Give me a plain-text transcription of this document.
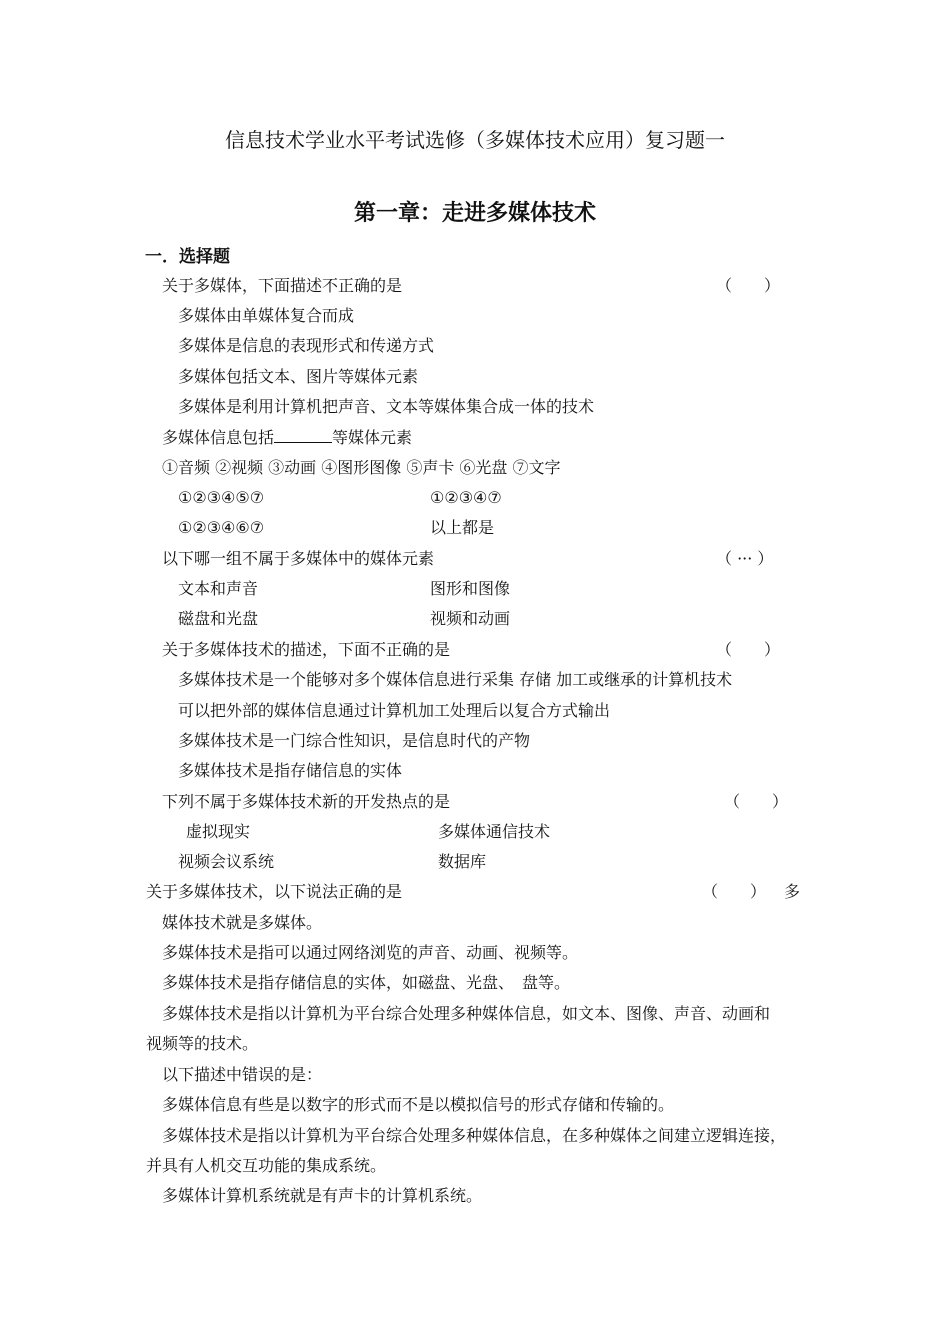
信息技术学业水平考试选修（多媒体技术应用）复习题一
第一章：走进多媒体技术
一．选择题
关于多媒体，下面描述不正确的是	（　　）
多媒体由单媒体复合而成
多媒体是信息的表现形式和传递方式
多媒体包括文本、图片等媒体元素
多媒体是利用计算机把声音、文本等媒体集合成一体的技术
多媒体信息包括	等媒体元素
①音频 ②视频 ③动画 ④图形图像 ⑤声卡 ⑥光盘 ⑦文字
①②③④⑤⑦	①②③④⑦
①②③④⑥⑦	以上都是
以下哪一组不属于多媒体中的媒体元素	（ ··· ）
文本和声音	图形和图像
磁盘和光盘	视频和动画
关于多媒体技术的描述，下面不正确的是	（　　）
多媒体技术是一个能够对多个媒体信息进行采集 存储 加工或继承的计算机技术
可以把外部的媒体信息通过计算机加工处理后以复合方式输出
多媒体技术是一门综合性知识，是信息时代的产物
多媒体技术是指存储信息的实体
下列不属于多媒体技术新的开发热点的是	（　　）
虚拟现实	多媒体通信技术
视频会议系统	数据库
关于多媒体技术，以下说法正确的是	（　　） 多
媒体技术就是多媒体。
多媒体技术是指可以通过网络浏览的声音、动画、视频等。
多媒体技术是指存储信息的实体，如磁盘、光盘、　盘等。
多媒体技术是指以计算机为平台综合处理多种媒体信息，如文本、图像、声音、动画和
视频等的技术。
以下描述中错误的是：
多媒体信息有些是以数字的形式而不是以模拟信号的形式存储和传输的。
多媒体技术是指以计算机为平台综合处理多种媒体信息，在多种媒体之间建立逻辑连接，
并具有人机交互功能的集成系统。
多媒体计算机系统就是有声卡的计算机系统。
